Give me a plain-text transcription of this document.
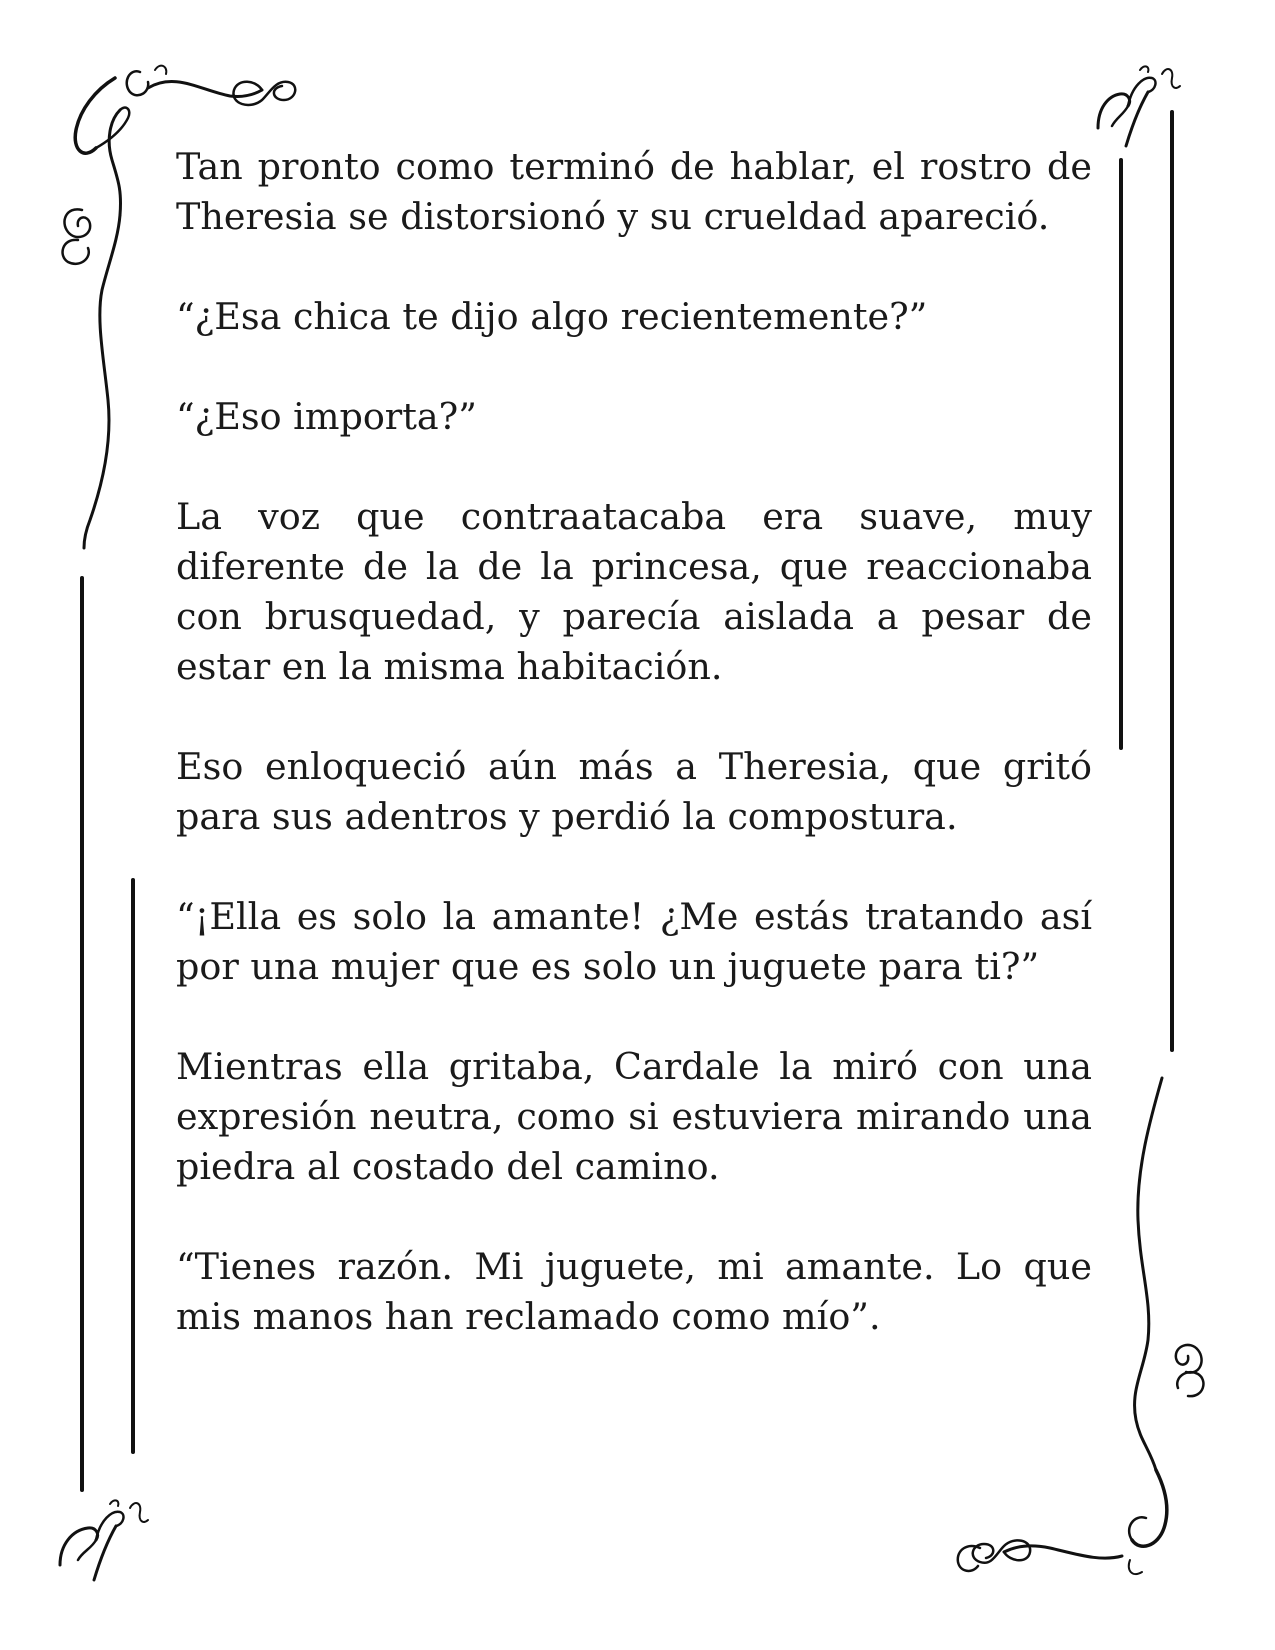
Tan pronto como terminó de hablar, el rostro de Theresia se distorsionó y su crueldad apareció.

“¿Esa chica te dijo algo recientemente?”

“¿Eso importa?”

La voz que contraatacaba era suave, muy diferente de la de la princesa, que reaccionaba con brusquedad, y parecía aislada a pesar de estar en la misma habitación.

Eso enloqueció aún más a Theresia, que gritó para sus adentros y perdió la compostura.

“¡Ella es solo la amante! ¿Me estás tratando así por una mujer que es solo un juguete para ti?”

Mientras ella gritaba, Cardale la miró con una expresión neutra, como si estuviera mirando una piedra al costado del camino.

“Tienes razón. Mi juguete, mi amante. Lo que mis manos han reclamado como mío”.
